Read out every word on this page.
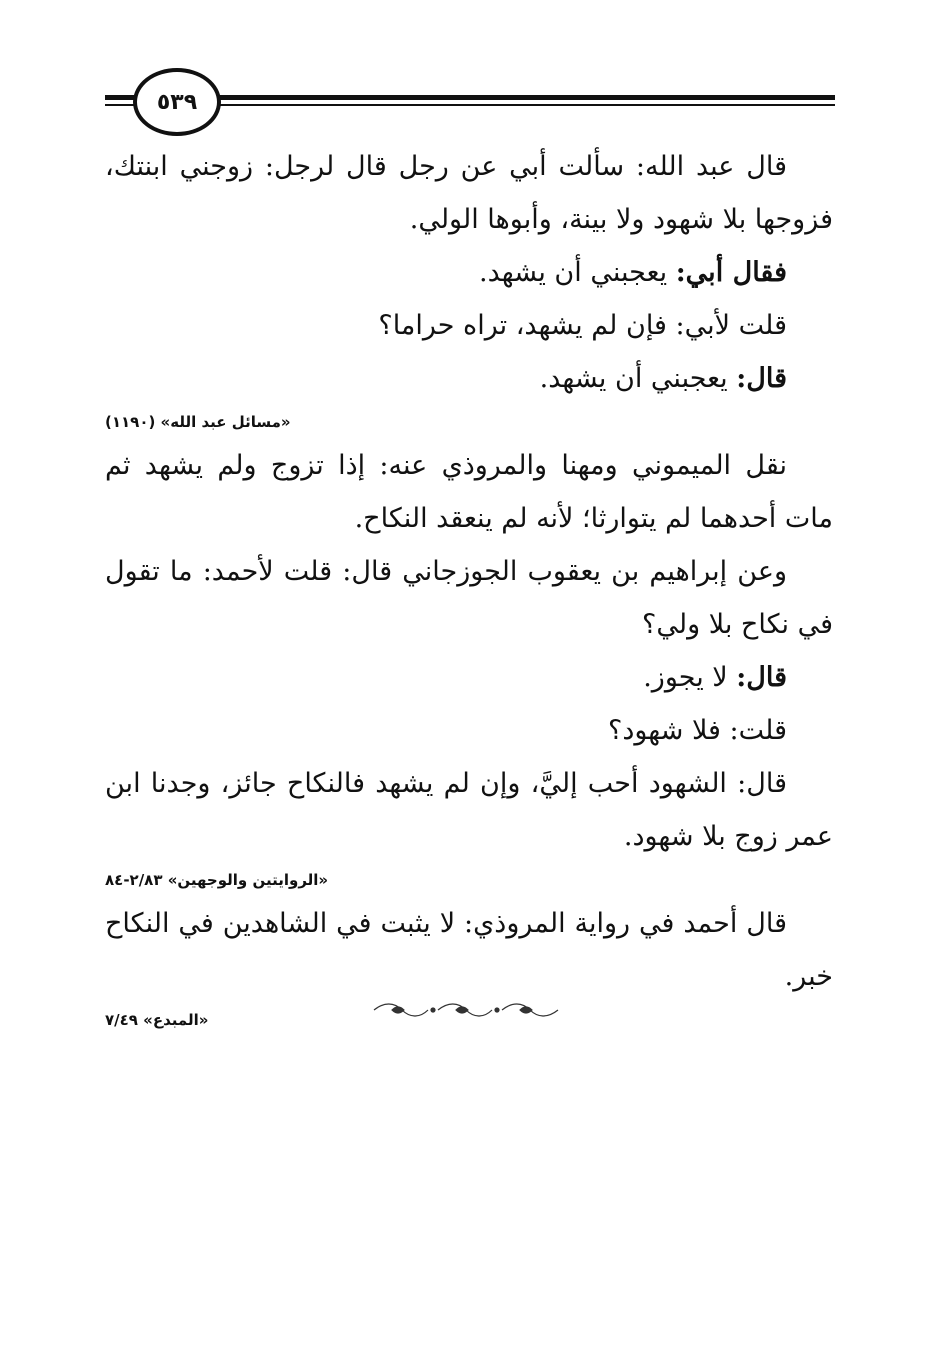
٥٣٩

قال عبد الله: سألت أبي عن رجل قال لرجل: زوجني ابنتك، فزوجها بلا شهود ولا بينة، وأبوها الولي.

فقال أبي: يعجبني أن يشهد.

قلت لأبي: فإن لم يشهد، تراه حراما؟

قال: يعجبني أن يشهد.

«مسائل عبد الله» (١١٩٠)

نقل الميموني ومهنا والمروذي عنه: إذا تزوج ولم يشهد ثم مات أحدهما لم يتوارثا؛ لأنه لم ينعقد النكاح.

وعن إبراهيم بن يعقوب الجوزجاني قال: قلت لأحمد: ما تقول في نكاح بلا ولي؟

قال: لا يجوز.

قلت: فلا شهود؟

قال: الشهود أحب إليَّ، وإن لم يشهد فالنكاح جائز، وجدنا ابن عمر زوج بلا شهود.

«الروايتين والوجهين» ٢/٨٣-٨٤

قال أحمد في رواية المروذي: لا يثبت في الشاهدين في النكاح خبر.

«المبدع» ٧/٤٩
